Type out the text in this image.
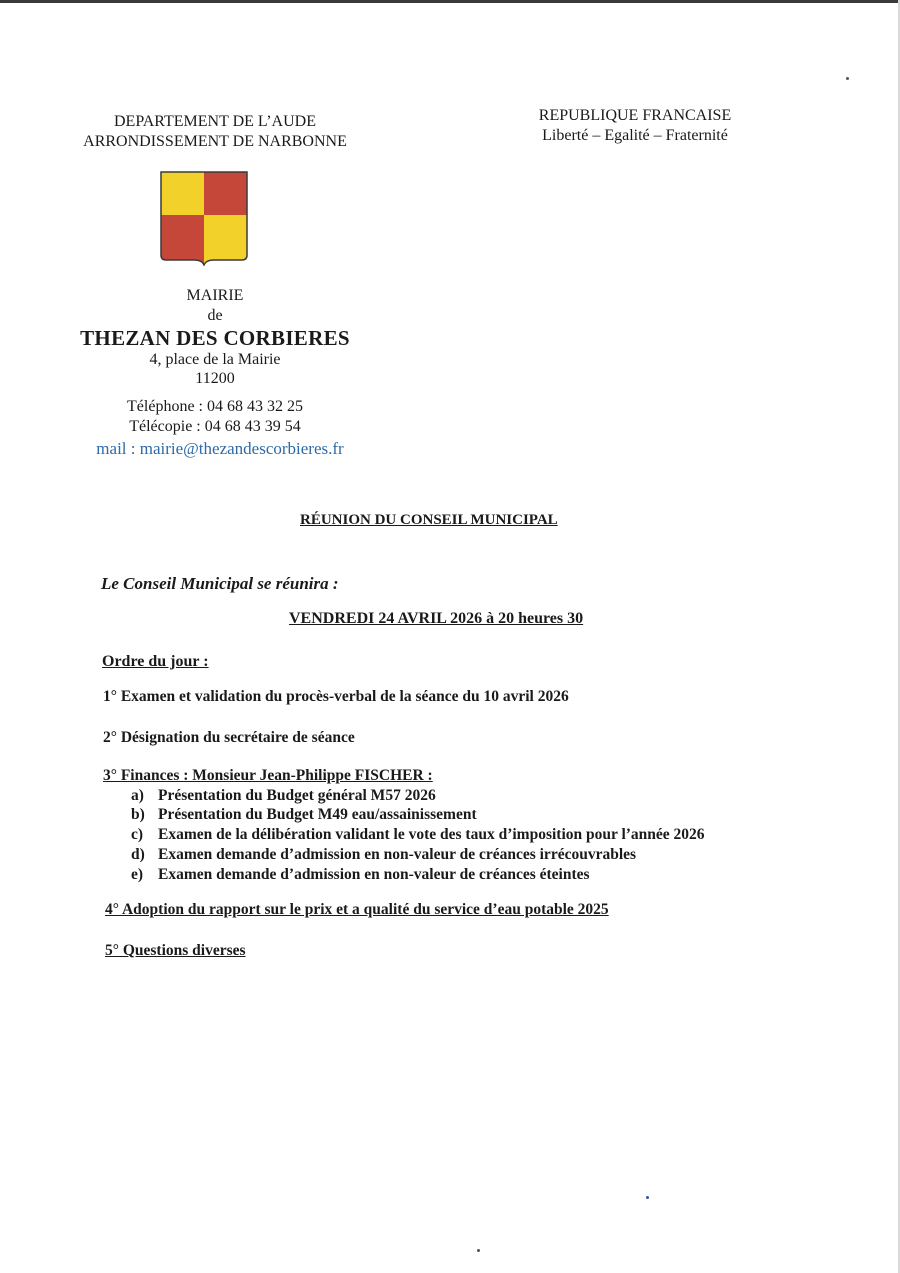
DEPARTEMENT DE L’AUDE
ARRONDISSEMENT DE NARBONNE
REPUBLIQUE FRANCAISE
Liberté – Egalité – Fraternité
MAIRIE
de
THEZAN DES CORBIERES
4, place de la Mairie
11200
Téléphone : 04 68 43 32 25
Télécopie : 04 68 43 39 54
mail : mairie@thezandescorbieres.fr
RÉUNION DU CONSEIL MUNICIPAL
Le Conseil Municipal se réunira :
VENDREDI 24 AVRIL 2026 à 20 heures 30
Ordre du jour :
1° Examen et validation du procès-verbal de la séance du 10 avril 2026
2° Désignation du secrétaire de séance
3° Finances : Monsieur Jean-Philippe FISCHER :
a) Présentation du Budget général M57 2026
b) Présentation du Budget M49 eau/assainissement
c) Examen de la délibération validant le vote des taux d’imposition pour l’année 2026
d) Examen demande d’admission en non-valeur de créances irrécouvrables
e) Examen demande d’admission en non-valeur de créances éteintes
4° Adoption du rapport sur le prix et a qualité du service d’eau potable 2025
5° Questions diverses
